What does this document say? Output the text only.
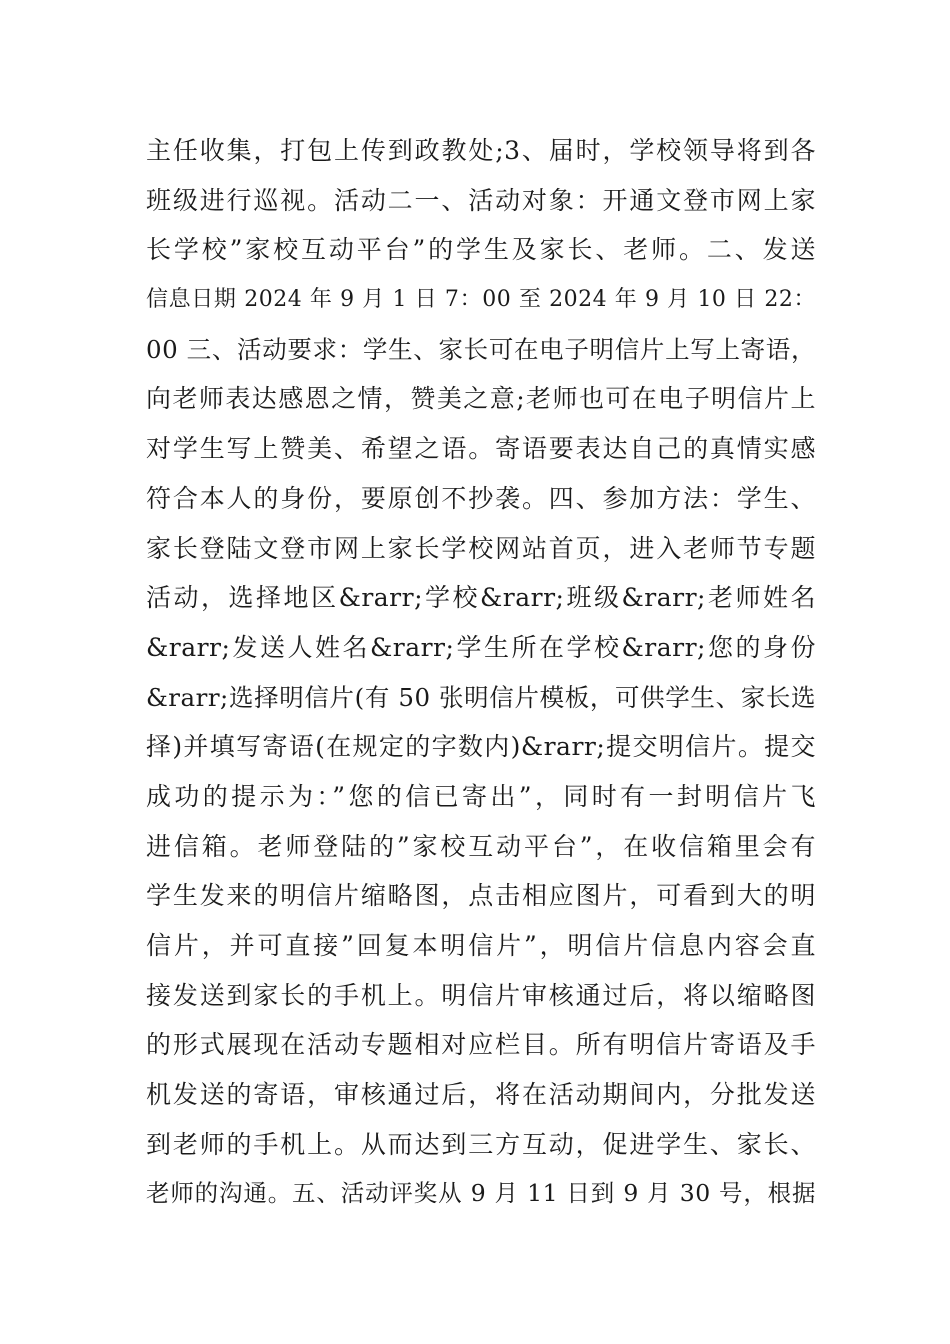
主任收集，打包上传到政教处;3、届时，学校领导将到各
班级进行巡视。活动二一、活动对象：开通文登市网上家
长学校”家校互动平台”的学生及家长、老师。二、发送
信息日期 2024 年 9 月 1 日 7：00 至 2024 年 9 月 10 日 22：
00 三、活动要求：学生、家长可在电子明信片上写上寄语，
向老师表达感恩之情，赞美之意;老师也可在电子明信片上
对学生写上赞美、希望之语。寄语要表达自己的真情实感
符合本人的身份，要原创不抄袭。四、参加方法：学生、
家长登陆文登市网上家长学校网站首页，进入老师节专题
活动，选择地区&rarr;学校&rarr;班级&rarr;老师姓名
&rarr;发送人姓名&rarr;学生所在学校&rarr;您的身份
&rarr;选择明信片(有 50 张明信片模板，可供学生、家长选
择)并填写寄语(在规定的字数内)&rarr;提交明信片。提交
成功的提示为：”您的信已寄出”，同时有一封明信片飞
进信箱。老师登陆的”家校互动平台”，在收信箱里会有
学生发来的明信片缩略图，点击相应图片，可看到大的明
信片，并可直接”回复本明信片”，明信片信息内容会直
接发送到家长的手机上。明信片审核通过后，将以缩略图
的形式展现在活动专题相对应栏目。所有明信片寄语及手
机发送的寄语，审核通过后，将在活动期间内，分批发送
到老师的手机上。从而达到三方互动，促进学生、家长、
老师的沟通。五、活动评奖从 9 月 11 日到 9 月 30 号，根据
